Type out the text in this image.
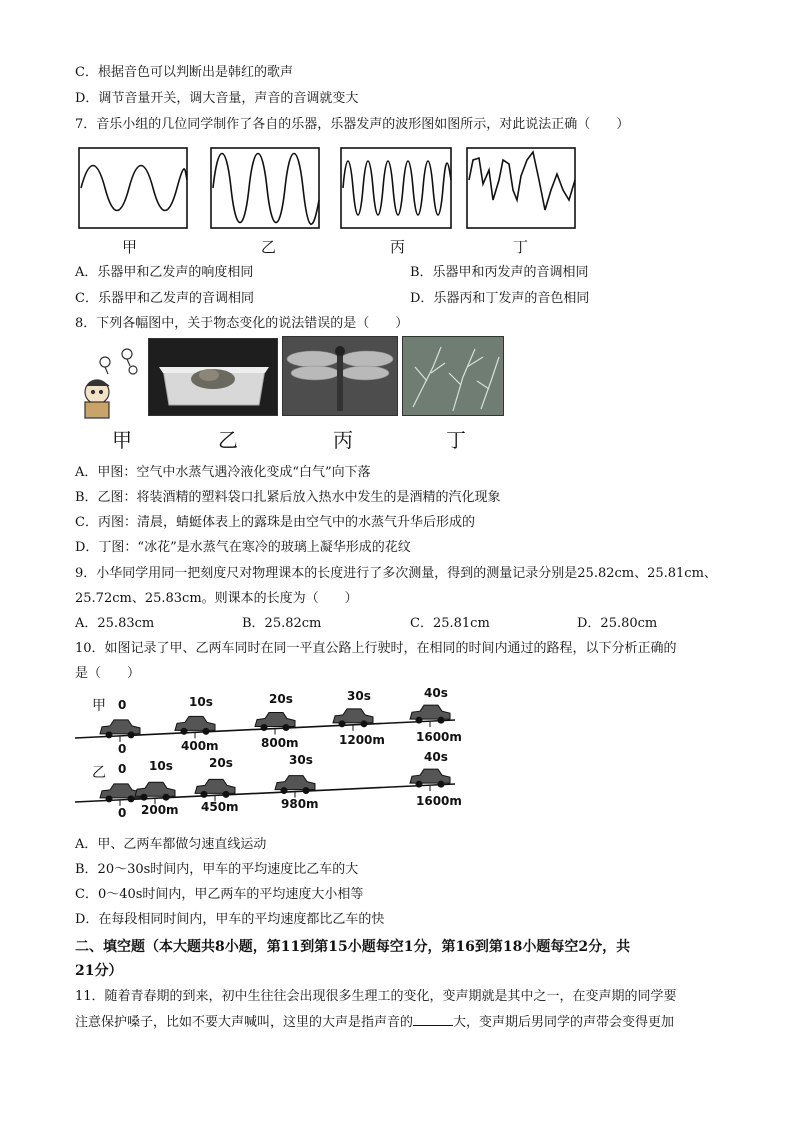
C．根据音色可以判断出是韩红的歌声
D．调节音量开关，调大音量，声音的音调就变大
7．音乐小组的几位同学制作了各自的乐器，乐器发声的波形图如图所示，对此说法正确（　　）
甲	乙	丙	丁
A．乐器甲和乙发声的响度相同	B．乐器甲和丙发声的音调相同
C．乐器甲和乙发声的音调相同	D．乐器丙和丁发声的音色相同
8．下列各幅图中，关于物态变化的说法错误的是（　　）
甲	乙	丙	丁
A．甲图：空气中水蒸气遇冷液化变成“白气”向下落
B．乙图：将装酒精的塑料袋口扎紧后放入热水中发生的是酒精的汽化现象
C．丙图：清晨，蜻蜓体表上的露珠是由空气中的水蒸气升华后形成的
D．丁图：“冰花”是水蒸气在寒冷的玻璃上凝华形成的花纹
9．小华同学用同一把刻度尺对物理课本的长度进行了多次测量，得到的测量记录分别是25.82cm、25.81cm、
25.72cm、25.83cm。则课本的长度为（　　）
A．25.83cm	B．25.82cm	C．25.81cm	D．25.80cm
10．如图记录了甲、乙两车同时在同一平直公路上行驶时，在相同的时间内通过的路程，以下分析正确的
是（　　）
甲
乙
0
0
10s
400m
20s
800m
30s
1200m
40s
1600m
0
0
10s
200m
20s
450m
30s
980m
40s
1600m
A．甲、乙两车都做匀速直线运动
B．20～30s时间内，甲车的平均速度比乙车的大
C．0～40s时间内，甲乙两车的平均速度大小相等
D．在每段相同时间内，甲车的平均速度都比乙车的快
二、填空题（本大题共8小题，第11到第15小题每空1分，第16到第18小题每空2分，共
21分）
11．随着青春期的到来，初中生往往会出现很多生理工的变化，变声期就是其中之一，在变声期的同学要
注意保护嗓子，比如不要大声喊叫，这里的大声是指声音的	大，变声期后男同学的声带会变得更加
